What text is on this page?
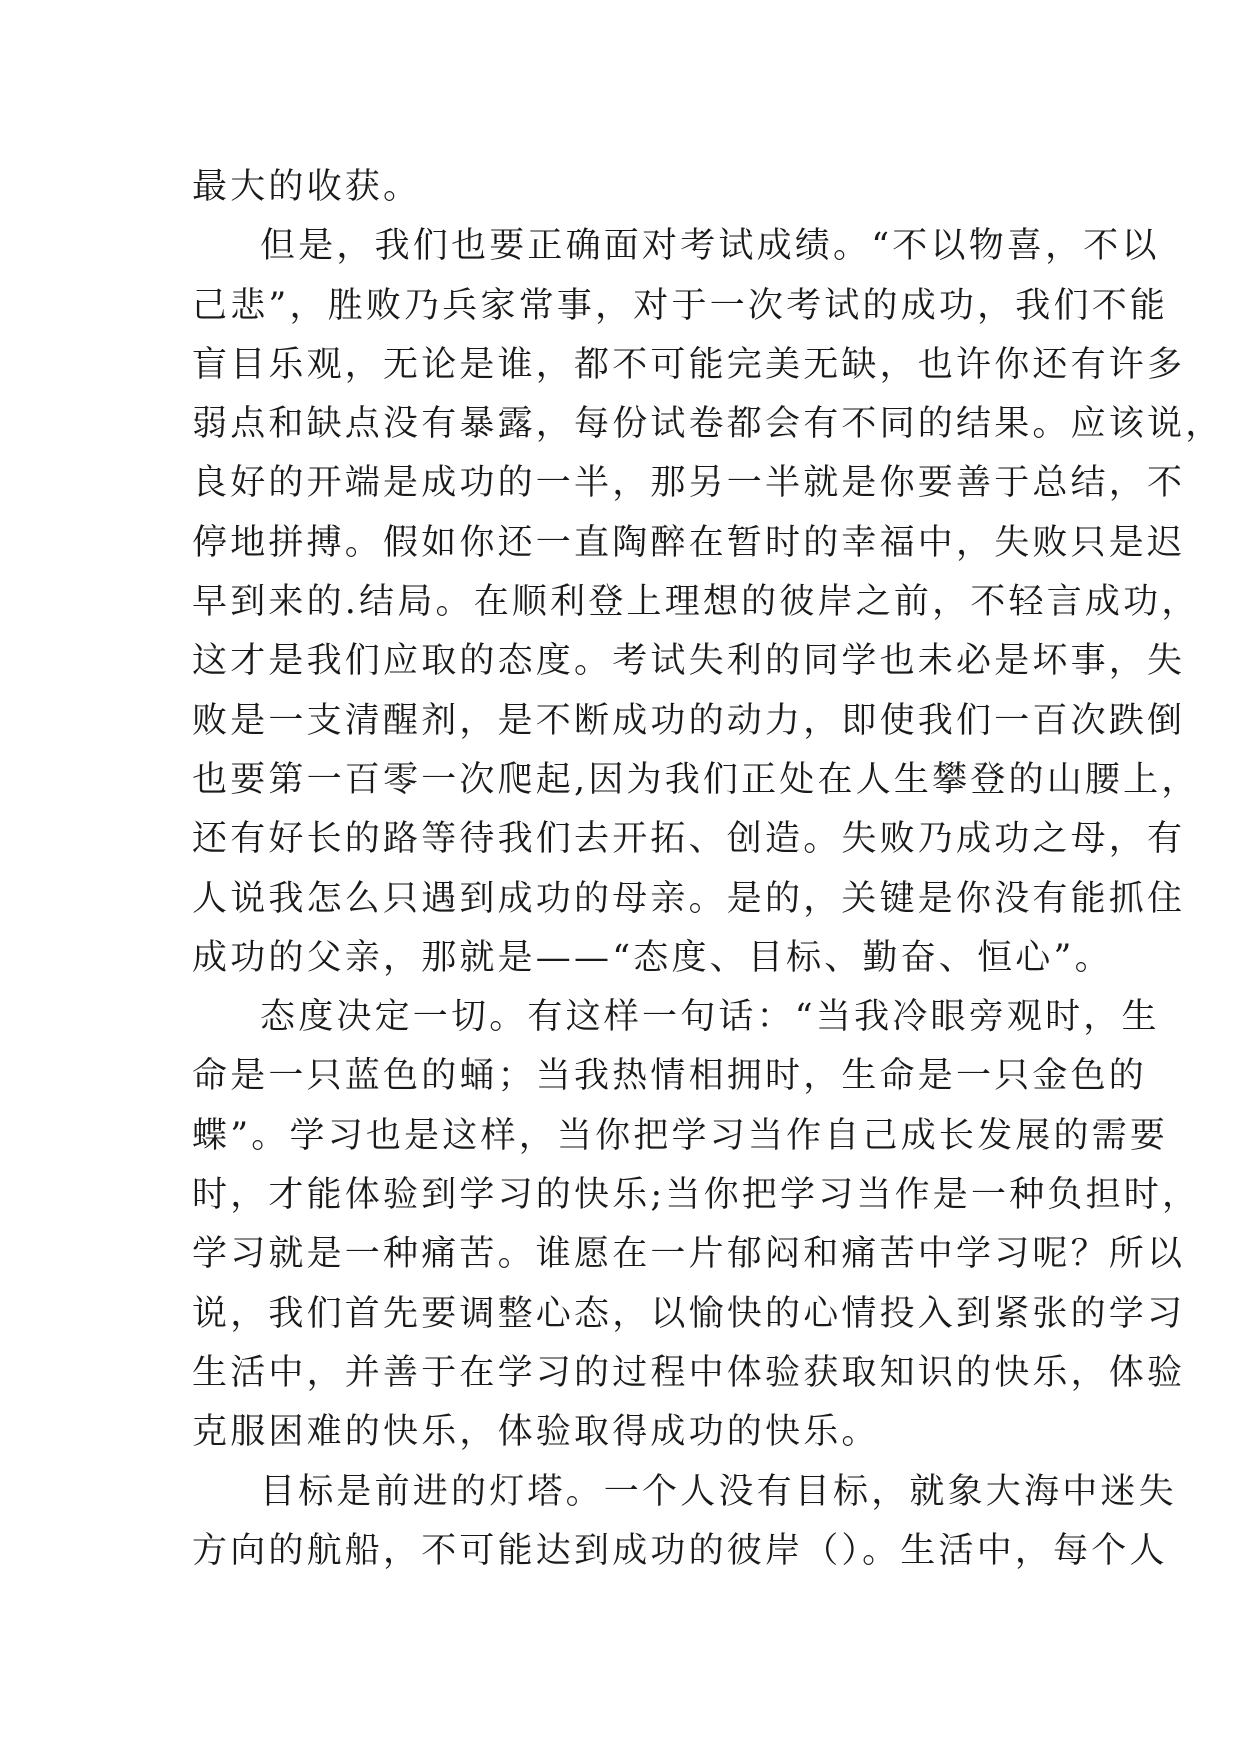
最大的收获。
但是，我们也要正确面对考试成绩。“不以物喜，不以
己悲”，胜败乃兵家常事，对于一次考试的成功，我们不能
盲目乐观，无论是谁，都不可能完美无缺，也许你还有许多
弱点和缺点没有暴露，每份试卷都会有不同的结果。应该说，
良好的开端是成功的一半，那另一半就是你要善于总结，不
停地拼搏。假如你还一直陶醉在暂时的幸福中，失败只是迟
早到来的.结局。在顺利登上理想的彼岸之前，不轻言成功，
这才是我们应取的态度。考试失利的同学也未必是坏事，失
败是一支清醒剂，是不断成功的动力，即使我们一百次跌倒
也要第一百零一次爬起,因为我们正处在人生攀登的山腰上，
还有好长的路等待我们去开拓、创造。失败乃成功之母，有
人说我怎么只遇到成功的母亲。是的，关键是你没有能抓住
成功的父亲，那就是——“态度、目标、勤奋、恒心”。
态度决定一切。有这样一句话：“当我冷眼旁观时，生
命是一只蓝色的蛹；当我热情相拥时，生命是一只金色的
蝶”。学习也是这样，当你把学习当作自己成长发展的需要
时，才能体验到学习的快乐;当你把学习当作是一种负担时，
学习就是一种痛苦。谁愿在一片郁闷和痛苦中学习呢？所以
说，我们首先要调整心态，以愉快的心情投入到紧张的学习
生活中，并善于在学习的过程中体验获取知识的快乐，体验
克服困难的快乐，体验取得成功的快乐。
目标是前进的灯塔。一个人没有目标，就象大海中迷失
方向的航船，不可能达到成功的彼岸（）。生活中，每个人
